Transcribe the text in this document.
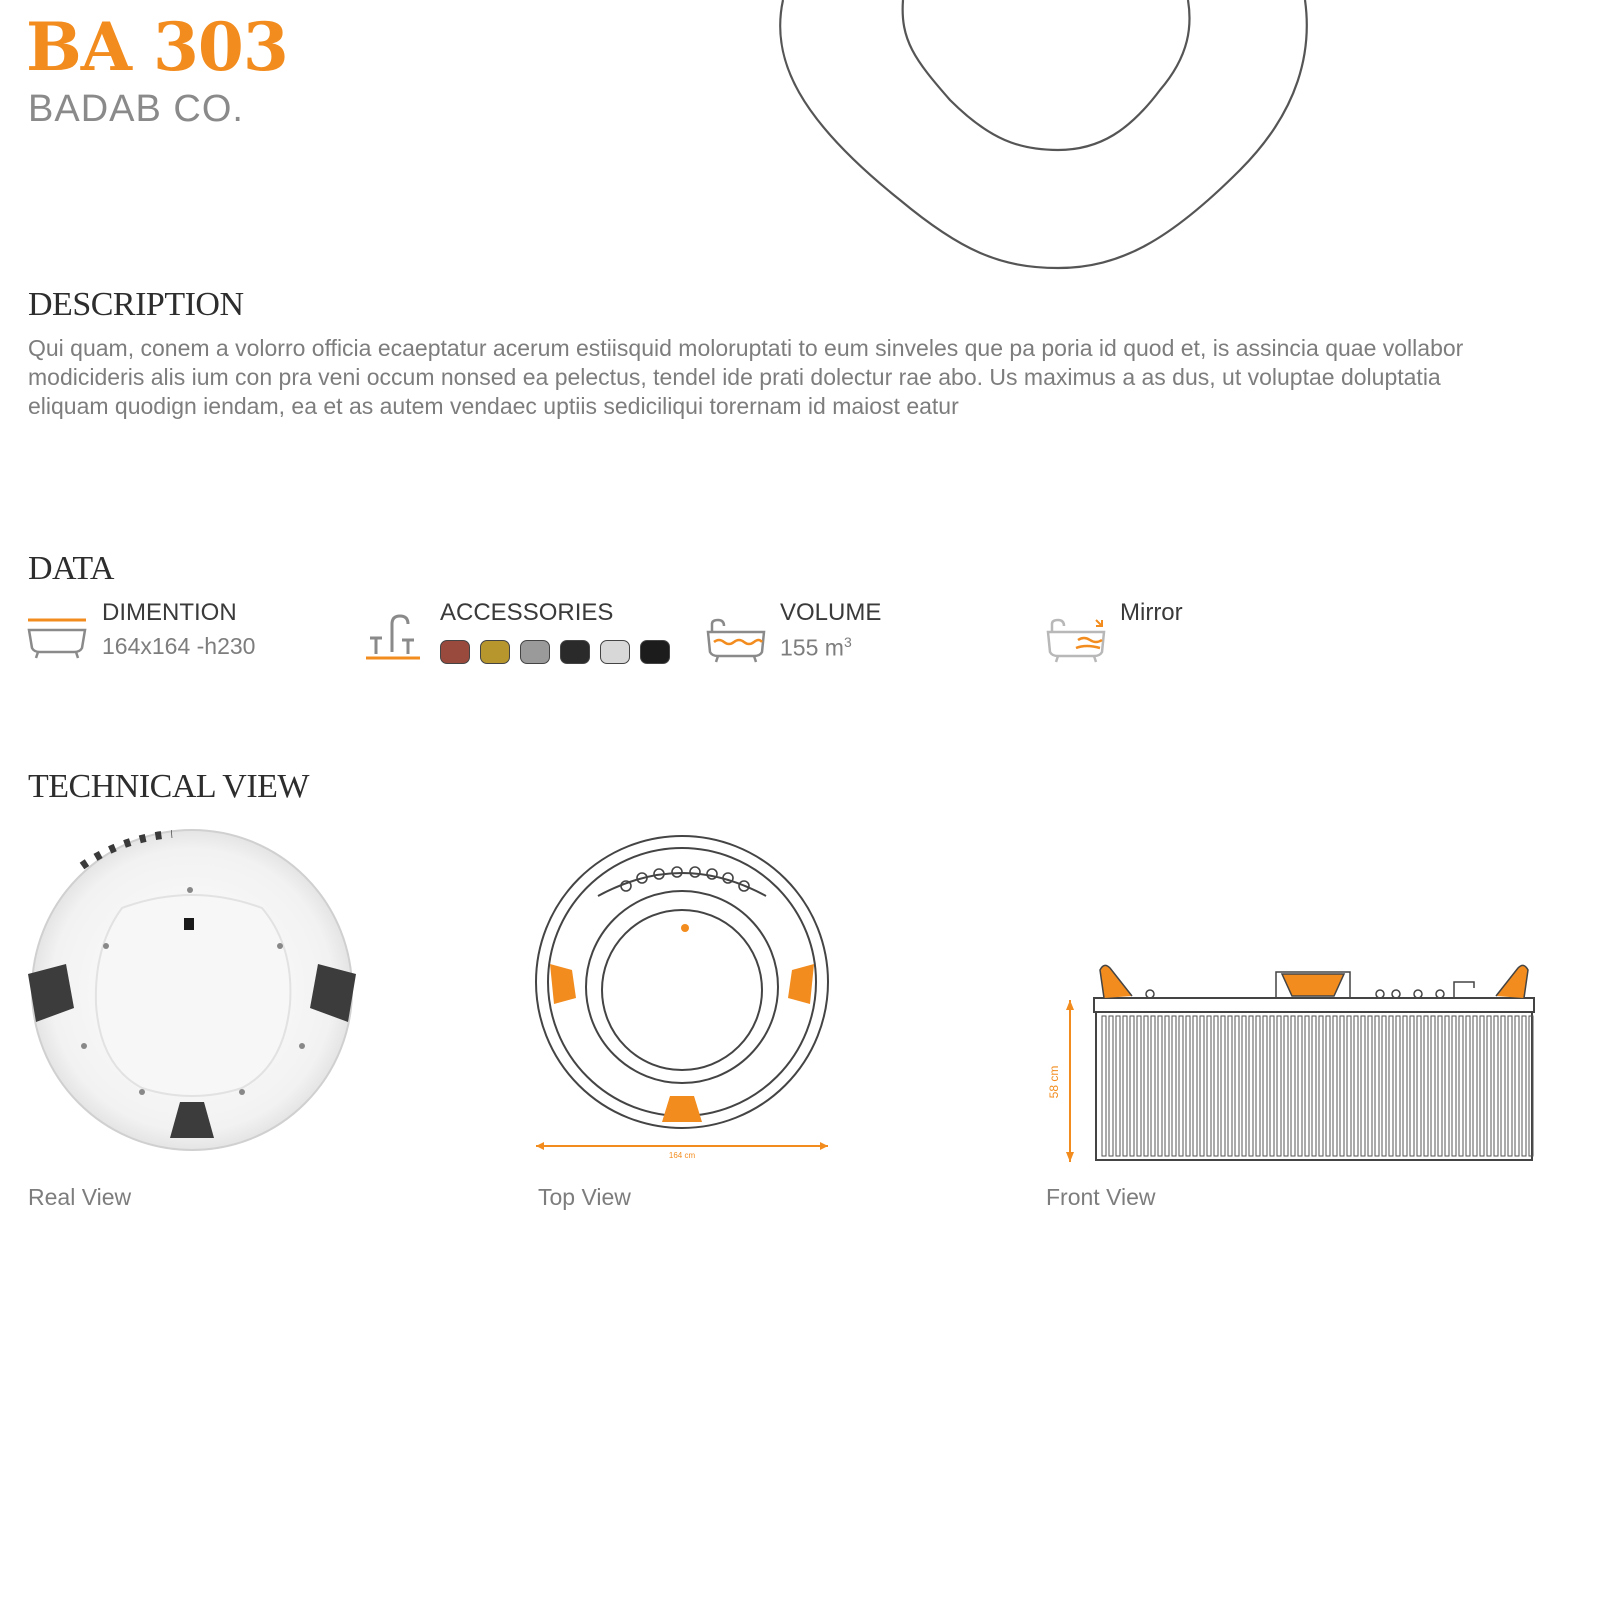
BA 303
BADAB CO.
DESCRIPTION
Qui quam, conem a volorro officia ecaeptatur acerum estiisquid moloruptati to eum sinveles que pa poria id quod et, is assincia quae vollabor modicideris alis ium con pra veni occum nonsed ea pelectus, tendel ide prati dolectur rae abo. Us maximus a as dus, ut voluptae doluptatia eliquam quodign iendam, ea et as autem vendaec uptiis sediciliqui torernam id maiost eatur
DATA
DIMENTION
164x164 -h230
ACCESSORIES	VOLUME
155 $m^3$
Mirror
TECHNICAL VIEW
Real View
164 cm
Top View
58 cm
Front View
